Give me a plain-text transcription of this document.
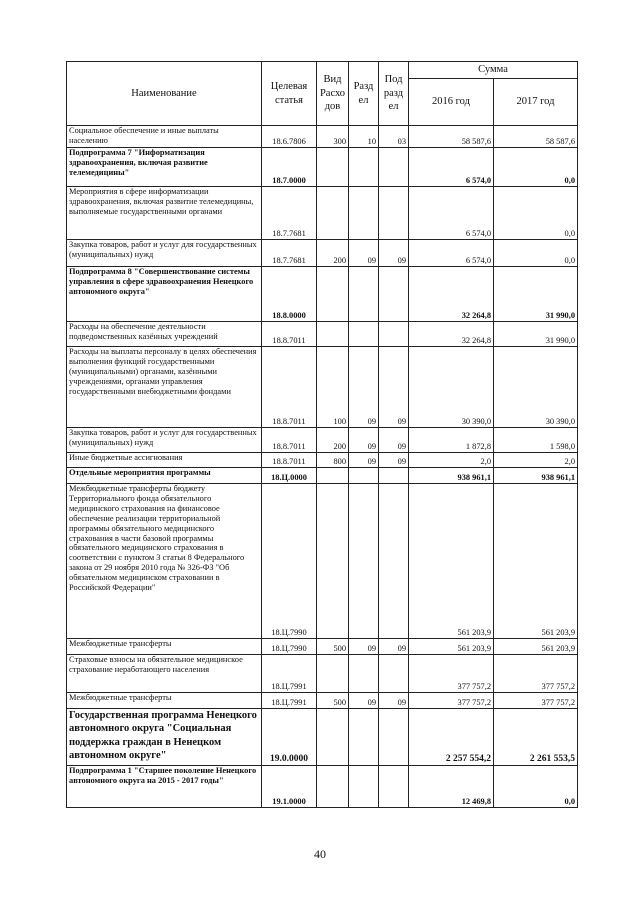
Наименование	Целевая статья	Вид Расхо дов	Разд ел	Под разд ел	Сумма	
					2016 год	2017 год
Социальное обеспечение и иные выплаты населению	18.6.7806	300	10	03	58 587,6	58 587,6
Подпрограмма 7 "Информатизация здравоохранения, включая развитие телемедицины"	18.7.0000				6 574,0	0,0
Мероприятия в сфере информатизации здравоохранения, включая развитие телемедицины, выполняемые государственными органами	18.7.7681				6 574,0	0,0
Закупка товаров, работ и услуг для государственных (муниципальных) нужд	18.7.7681	200	09	09	6 574,0	0,0
Подпрограмма 8 "Совершенствование системы управления в сфере здравоохранения Ненецкого автономного округа"	18.8.0000				32 264,8	31 990,0
Расходы на обеспечение деятельности подведомственных казённых учреждений	18.8.7011				32 264,8	31 990,0
Расходы на выплаты персоналу в целях обеспечения выполнения функций государственными (муниципальными) органами, казёнными учреждениями, органами управления государственными внебюджетными фондами	18.8.7011	100	09	09	30 390,0	30 390,0
Закупка товаров, работ и услуг для государственных (муниципальных) нужд	18.8.7011	200	09	09	1 872,8	1 598,0
Иные бюджетные ассигнования	18.8.7011	800	09	09	2,0	2,0
Отдельные мероприятия программы	18.Ц.0000				938 961,1	938 961,1
Межбюджетные трансферты бюджету Территориального фонда обязательного медицинского страхования на финансовое обеспечение реализации территориальной программы обязательного медицинского страхования в части базовой программы обязательного медицинского страхования в соответствии с пунктом 3 статьи 8 Федерального закона от 29 ноября 2010 года № 326-ФЗ "Об обязательном медицинском страховании в Российской Федерации"	18.Ц.7990				561 203,9	561 203,9
Межбюджетные трансферты	18.Ц.7990	500	09	09	561 203,9	561 203,9
Страховые взносы на обязательное медицинское страхование неработающего населения	18.Ц.7991				377 757,2	377 757,2
Межбюджетные трансферты	18.Ц.7991	500	09	09	377 757,2	377 757,2
Государственная программа Ненецкого автономного округа "Социальная поддержка граждан в Ненецком автономном округе"	19.0.0000				2 257 554,2	2 261 553,5
Подпрограмма 1 "Старшее поколение Ненецкого автономного округа на 2015 - 2017 годы"	19.1.0000				12 469,8	0,0
40
